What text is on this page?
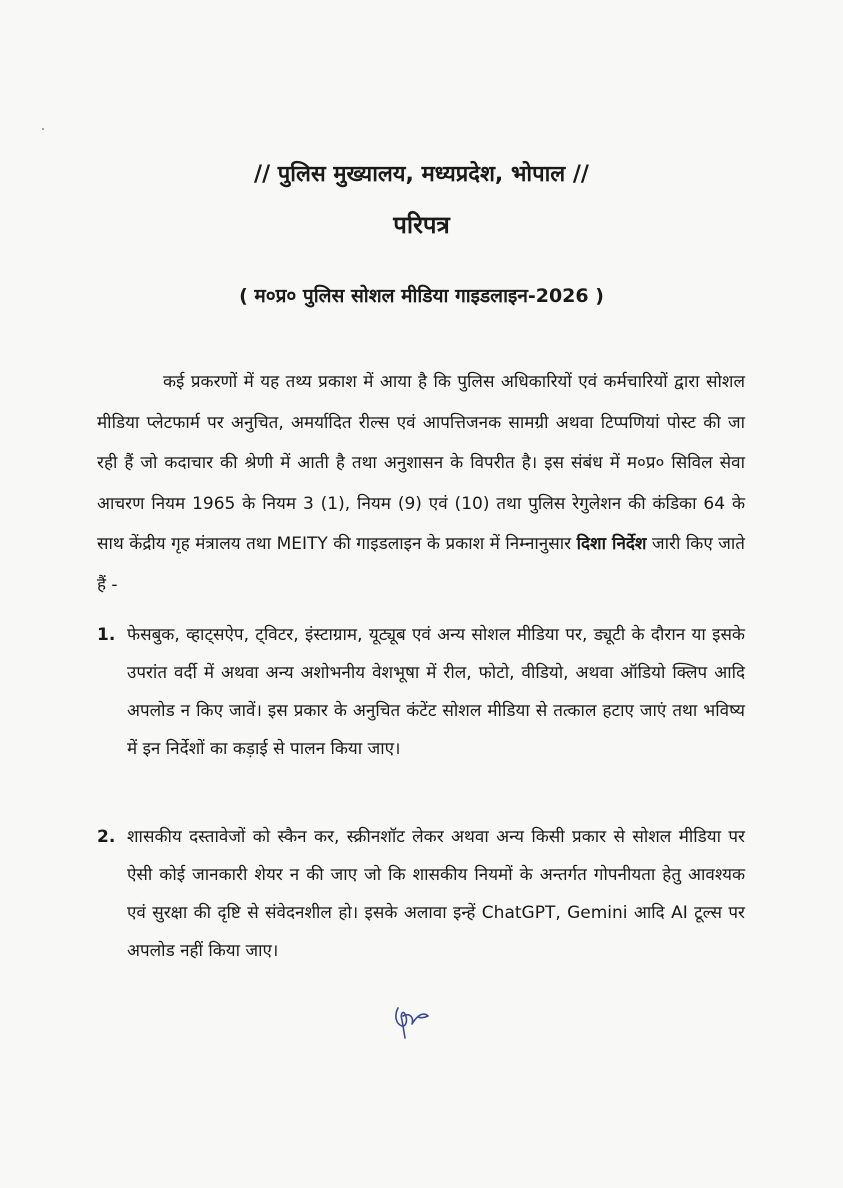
// पुलिस मुख्यालय, मध्यप्रदेश, भोपाल //
परिपत्र
( म०प्र० पुलिस सोशल मीडिया गाइडलाइन-2026 )
कई प्रकरणों में यह तथ्य प्रकाश में आया है कि पुलिस अधिकारियों एवं कर्मचारियों द्वारा सोशल मीडिया प्लेटफार्म पर अनुचित, अमर्यादित रील्स एवं आपत्तिजनक सामग्री अथवा टिप्पणियां पोस्ट की जा रही हैं जो कदाचार की श्रेणी में आती है तथा अनुशासन के विपरीत है। इस संबंध में म०प्र० सिविल सेवा आचरण नियम 1965 के नियम 3 (1), नियम (9) एवं (10) तथा पुलिस रेगुलेशन की कंडिका 64 के साथ केंद्रीय गृह मंत्रालय तथा MEITY की गाइडलाइन के प्रकाश में निम्नानुसार दिशा निर्देश जारी किए जाते हैं -
1. फेसबुक, व्हाट्सऐप, ट्विटर, इंस्टाग्राम, यूट्यूब एवं अन्य सोशल मीडिया पर, ड्यूटी के दौरान या इसके उपरांत वर्दी में अथवा अन्य अशोभनीय वेशभूषा में रील, फोटो, वीडियो, अथवा ऑडियो क्लिप आदि अपलोड न किए जावें। इस प्रकार के अनुचित कंटेंट सोशल मीडिया से तत्काल हटाए जाएं तथा भविष्य में इन निर्देशों का कड़ाई से पालन किया जाए।
2. शासकीय दस्तावेजों को स्कैन कर, स्क्रीनशॉट लेकर अथवा अन्य किसी प्रकार से सोशल मीडिया पर ऐसी कोई जानकारी शेयर न की जाए जो कि शासकीय नियमों के अन्तर्गत गोपनीयता हेतु आवश्यक एवं सुरक्षा की दृष्टि से संवेदनशील हो। इसके अलावा इन्हें ChatGPT, Gemini आदि AI टूल्स पर अपलोड नहीं किया जाए।
